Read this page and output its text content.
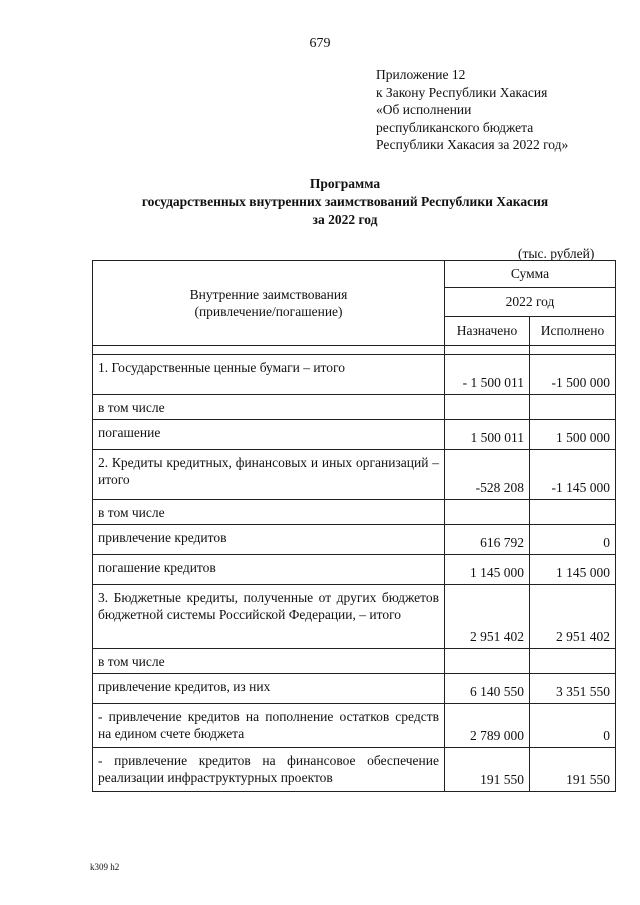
679
Приложение 12
к Закону Республики Хакасия
«Об исполнении
республиканского бюджета
Республики Хакасия за 2022 год»
Программа
государственных внутренних заимствований Республики Хакасия
за 2022 год
(тыс. рублей)
Внутренние заимствования
(привлечение/погашение)	Сумма	
	2022 год	
	Назначено	Исполнено

1. Государственные ценные бумаги – итого	- 1 500 011	-1 500 000
в том числе		
погашение	1 500 011	1 500 000
2. Кредиты кредитных, финансовых и иных организаций – итого	-528 208	-1 145 000
в том числе		
привлечение кредитов	616 792	0
погашение кредитов	1 145 000	1 145 000
3. Бюджетные кредиты, полученные от других бюджетов бюджетной системы Российской Федерации, – итого	2 951 402	2 951 402
в том числе		
привлечение кредитов, из них	6 140 550	3 351 550
- привлечение кредитов на пополнение остатков средств на едином счете бюджета	2 789 000	0
- привлечение кредитов на финансовое обеспечение реализации инфраструктурных проектов	191 550	191 550
k309 h2
